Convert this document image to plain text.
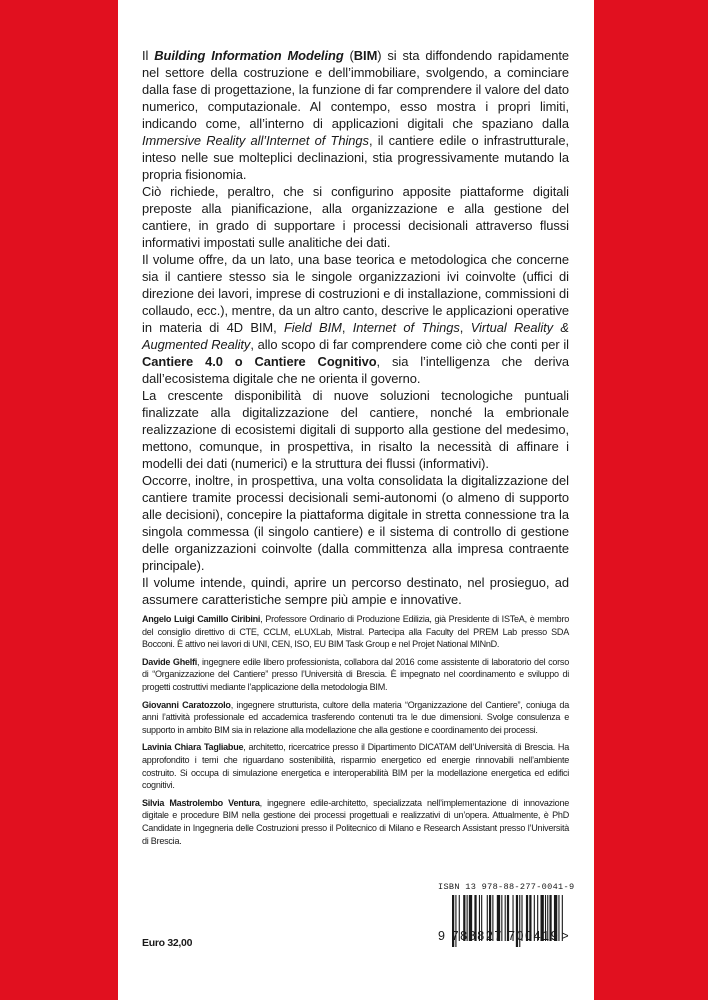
Il Building Information Modeling (BIM) si sta diffondendo rapidamente nel settore della costruzione e dell’immobiliare, svolgendo, a cominciare dalla fase di progettazione, la funzione di far comprendere il valore del dato numerico, computazionale. Al contempo, esso mostra i propri limiti, indicando come, all’interno di applicazioni digitali che spaziano dalla Immersive Reality all’Internet of Things, il cantiere edile o infrastrutturale, inteso nelle sue molteplici declinazioni, stia progressivamente mutando la propria fisionomia.

Ciò richiede, peraltro, che si configurino apposite piattaforme digitali preposte alla pianificazione, alla organizzazione e alla gestione del cantiere, in grado di supportare i processi decisionali attraverso flussi informativi impostati sulle analitiche dei dati.

Il volume offre, da un lato, una base teorica e metodologica che concerne sia il cantiere stesso sia le singole organizzazioni ivi coinvolte (uffici di direzione dei lavori, imprese di costruzioni e di installazione, commissioni di collaudo, ecc.), mentre, da un altro canto, descrive le applicazioni operative in materia di 4D BIM, Field BIM, Internet of Things, Virtual Reality & Augmented Reality, allo scopo di far comprendere come ciò che conti per il Cantiere 4.0 o Cantiere Cognitivo, sia l’intelligenza che deriva dall’ecosistema digitale che ne orienta il governo.

La crescente disponibilità di nuove soluzioni tecnologiche puntuali finalizzate alla digitalizzazione del cantiere, nonché la embrionale realizzazione di ecosistemi digitali di supporto alla gestione del medesimo, mettono, comunque, in prospettiva, in risalto la necessità di affinare i modelli dei dati (numerici) e la struttura dei flussi (informativi).

Occorre, inoltre, in prospettiva, una volta consolidata la digitalizzazione del cantiere tramite processi decisionali semi-autonomi (o almeno di supporto alle decisioni), concepire la piattaforma digitale in stretta connessione tra la singola commessa (il singolo cantiere) e il sistema di controllo di gestione delle organizzazioni coinvolte (dalla committenza alla impresa contraente principale).

Il volume intende, quindi, aprire un percorso destinato, nel prosieguo, ad assumere caratteristiche sempre più ampie e innovative.

Angelo Luigi Camillo Ciribini, Professore Ordinario di Produzione Edilizia, già Presidente di ISTeA, è membro del consiglio direttivo di CTE, CCLM, eLUXLab, Mistral. Partecipa alla Faculty del PREM Lab presso SDA Bocconi. È attivo nei lavori di UNI, CEN, ISO, EU BIM Task Group e nel Projet National MINnD.

Davide Ghelfi, ingegnere edile libero professionista, collabora dal 2016 come assistente di laboratorio del corso di “Organizzazione del Cantiere” presso l’Università di Brescia. È impegnato nel coordinamento e sviluppo di progetti costruttivi mediante l’applicazione della metodologia BIM.

Giovanni Caratozzolo, ingegnere strutturista, cultore della materia “Organizzazione del Cantiere”, coniuga da anni l’attività professionale ed accademica trasferendo contenuti tra le due dimensioni. Svolge consulenza e supporto in ambito BIM sia in relazione alla modellazione che alla gestione e coordinamento dei processi.

Lavinia Chiara Tagliabue, architetto, ricercatrice presso il Dipartimento DICATAM dell’Università di Brescia. Ha approfondito i temi che riguardano sostenibilità, risparmio energetico ed energie rinnovabili nell’ambiente costruito. Si occupa di simulazione energetica e interoperabilità BIM per la modellazione energetica ed edifici cognitivi.

Silvia Mastrolembo Ventura, ingegnere edile-architetto, specializzata nell’implementazione di innovazione digitale e procedure BIM nella gestione dei processi progettuali e realizzativi di un’opera. Attualmente, è PhD Candidate in Ingegneria delle Costruzioni presso il Politecnico di Milano e Research Assistant presso l’Università di Brescia.

Euro 32,00
ISBN 13 978-88-277-0041-9
9 788827 700419 >
